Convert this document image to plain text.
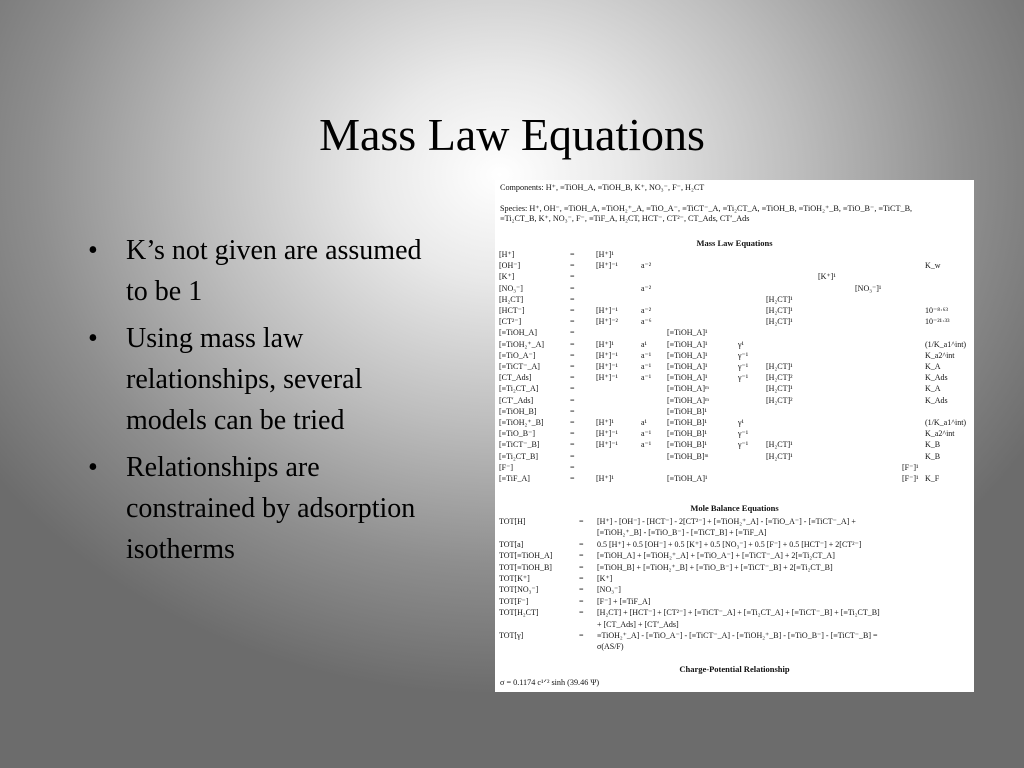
Mass Law Equations
• K’s not given are assumed to be 1
• Using mass law relationships, several models can be tried
• Relationships are constrained by adsorption isotherms
Components: H⁺, ≡TiOH_A, ≡TiOH_B, K⁺, NO₃⁻, F⁻, H₂CT
Species: H⁺, OH⁻, ≡TiOH_A, ≡TiOH₂⁺_A, ≡TiO_A⁻, ≡TiCT⁻_A, ≡Ti₂CT_A, ≡TiOH_B, ≡TiOH₂⁺_B, ≡TiO_B⁻, ≡TiCT_B,
≡Ti₂CT_B, K⁺, NO₃⁻, F⁻, ≡TiF_A, H₂CT, HCT⁻, CT²⁻, CT_Ads, CT′_Ads
Mass Law Equations
[H⁺]	=	[H⁺]¹
[OH⁻]	=	[H⁺]⁻¹	a⁻²	K_w
[K⁺]	=	[K⁺]¹
[NO₃⁻]	=	a⁻²	[NO₃⁻]¹
[H₂CT]	=	[H₂CT]¹
[HCT⁻]	=	[H⁺]⁻¹	a⁻²	[H₂CT]¹	10⁻⁸·⁶³
[CT²⁻]	=	[H⁺]⁻²	a⁻⁶	[H₂CT]¹	10⁻²¹·³³
[≡TiOH_A]	=	[≡TiOH_A]¹
[≡TiOH₂⁺_A]	=	[H⁺]¹	a¹	[≡TiOH_A]¹	γ¹	(1/K_a1^int)
[≡TiO_A⁻]	=	[H⁺]⁻¹	a⁻¹ [≡TiOH_A]¹	γ⁻¹	K_a2^int
[≡TiCT⁻_A]	=	[H⁺]⁻¹	a⁻¹ [≡TiOH_A]¹	γ⁻¹ [H₂CT]¹	K_A
[CT_Ads]	=	[H⁺]⁻¹	a⁻¹ [≡TiOH_A]¹	γ⁻¹ [H₂CT]²	K_Ads
[≡Ti₂CT_A]	=	[≡TiOH_A]ᵐ	[H₂CT]¹	K_A
[CT′_Ads]	=	[≡TiOH_A]ᵐ	[H₂CT]²	K_Ads
[≡TiOH_B]	=	[≡TiOH_B]¹
[≡TiOH₂⁺_B]	=	[H⁺]¹	a¹	[≡TiOH_B]¹	γ¹	(1/K_a1^int)
[≡TiO_B⁻]	=	[H⁺]⁻¹	a⁻¹ [≡TiOH_B]¹	γ⁻¹	K_a2^int
[≡TiCT⁻_B]	=	[H⁺]⁻¹	a⁻¹ [≡TiOH_B]¹	γ⁻¹ [H₂CT]¹	K_B
[≡Ti₂CT_B]	=	[≡TiOH_B]ᵐ	[H₂CT]¹	K_B
[F⁻]	=	[F⁻]¹
[≡TiF_A]	=	[H⁺]¹	[≡TiOH_A]¹	[F⁻]¹ K_F
Mole Balance Equations
TOT[H]	= [H⁺] - [OH⁻] - [HCT⁻] - 2[CT²⁻] + [≡TiOH₂⁺_A] - [≡TiO_A⁻] - [≡TiCT⁻_A] +
[≡TiOH₂⁺_B] - [≡TiO_B⁻] - [≡TiCT_B] + [≡TiF_A]
TOT[a]	= 0.5 [H⁺] + 0.5 [OH⁻] + 0.5 [K⁺] + 0.5 [NO₃⁻] + 0.5 [F⁻] + 0.5 [HCT⁻] + 2[CT²⁻]
TOT[≡TiOH_A]	= [≡TiOH_A] + [≡TiOH₂⁺_A] + [≡TiO_A⁻] + [≡TiCT⁻_A] + 2[≡Ti₂CT_A]
TOT[≡TiOH_B]	= [≡TiOH_B] + [≡TiOH₂⁺_B] + [≡TiO_B⁻] + [≡TiCT⁻_B] + 2[≡Ti₂CT_B]
TOT[K⁺]	= [K⁺]
TOT[NO₃⁻]	= [NO₃⁻]
TOT[F⁻]	= [F⁻] + [≡TiF_A]
TOT[H₂CT]	= [H₂CT] + [HCT⁻] + [CT²⁻] + [≡TiCT⁻_A] + [≡Ti₂CT_A] + [≡TiCT⁻_B] + [≡Ti₂CT_B]
+ [CT_Ads] + [CT′_Ads]
TOT[γ]	= ≡TiOH₂⁺_A] - [≡TiO_A⁻] - [≡TiCT⁻_A] - [≡TiOH₂⁺_B] - [≡TiO_B⁻] - [≡TiCT⁻_B] =
σ(AS/F)
Charge-Potential Relationship
σ = 0.1174 c¹ᐟ² sinh (39.46 Ψ)
